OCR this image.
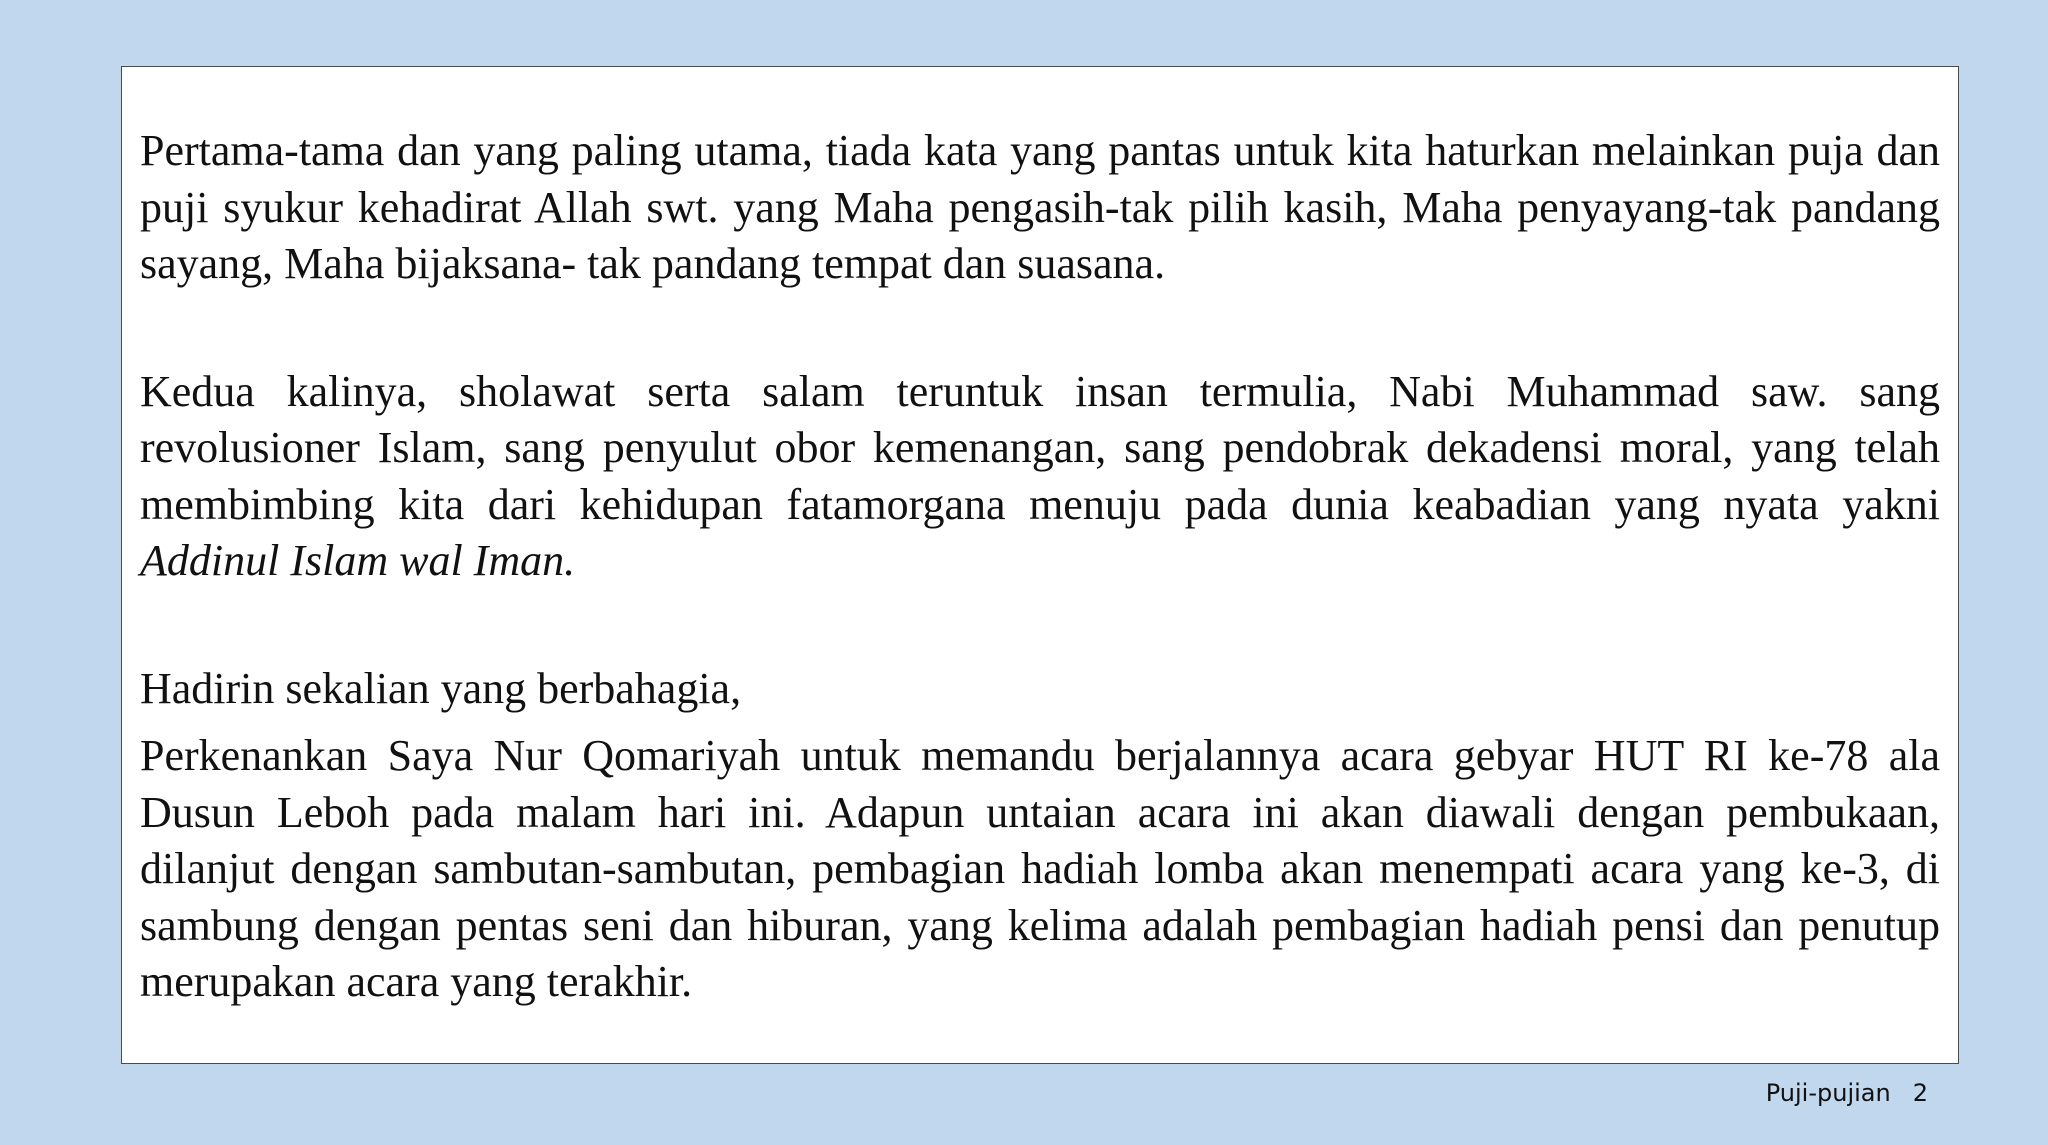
Pertama-tama dan yang paling utama, tiada kata yang pantas untuk kita haturkan melainkan puja dan puji syukur kehadirat Allah swt. yang Maha pengasih-tak pilih kasih, Maha penyayang-tak pandang sayang, Maha bijaksana- tak pandang tempat dan suasana.

Kedua kalinya, sholawat serta salam teruntuk insan termulia, Nabi Muhammad saw. sang revolusioner Islam, sang penyulut obor kemenangan, sang pendobrak dekadensi moral, yang telah membimbing kita dari kehidupan fatamorgana menuju pada dunia keabadian yang nyata yakni Addinul Islam wal Iman.

Hadirin sekalian yang berbahagia,

Perkenankan Saya Nur Qomariyah untuk memandu berjalannya acara gebyar HUT RI ke-78 ala Dusun Leboh pada malam hari ini. Adapun untaian acara ini akan diawali dengan pembukaan, dilanjut dengan sambutan-sambutan, pembagian hadiah lomba akan menempati acara yang ke-3, di sambung dengan pentas seni dan hiburan, yang kelima adalah pembagian hadiah pensi dan penutup merupakan acara yang terakhir.

Puji-pujian 2
